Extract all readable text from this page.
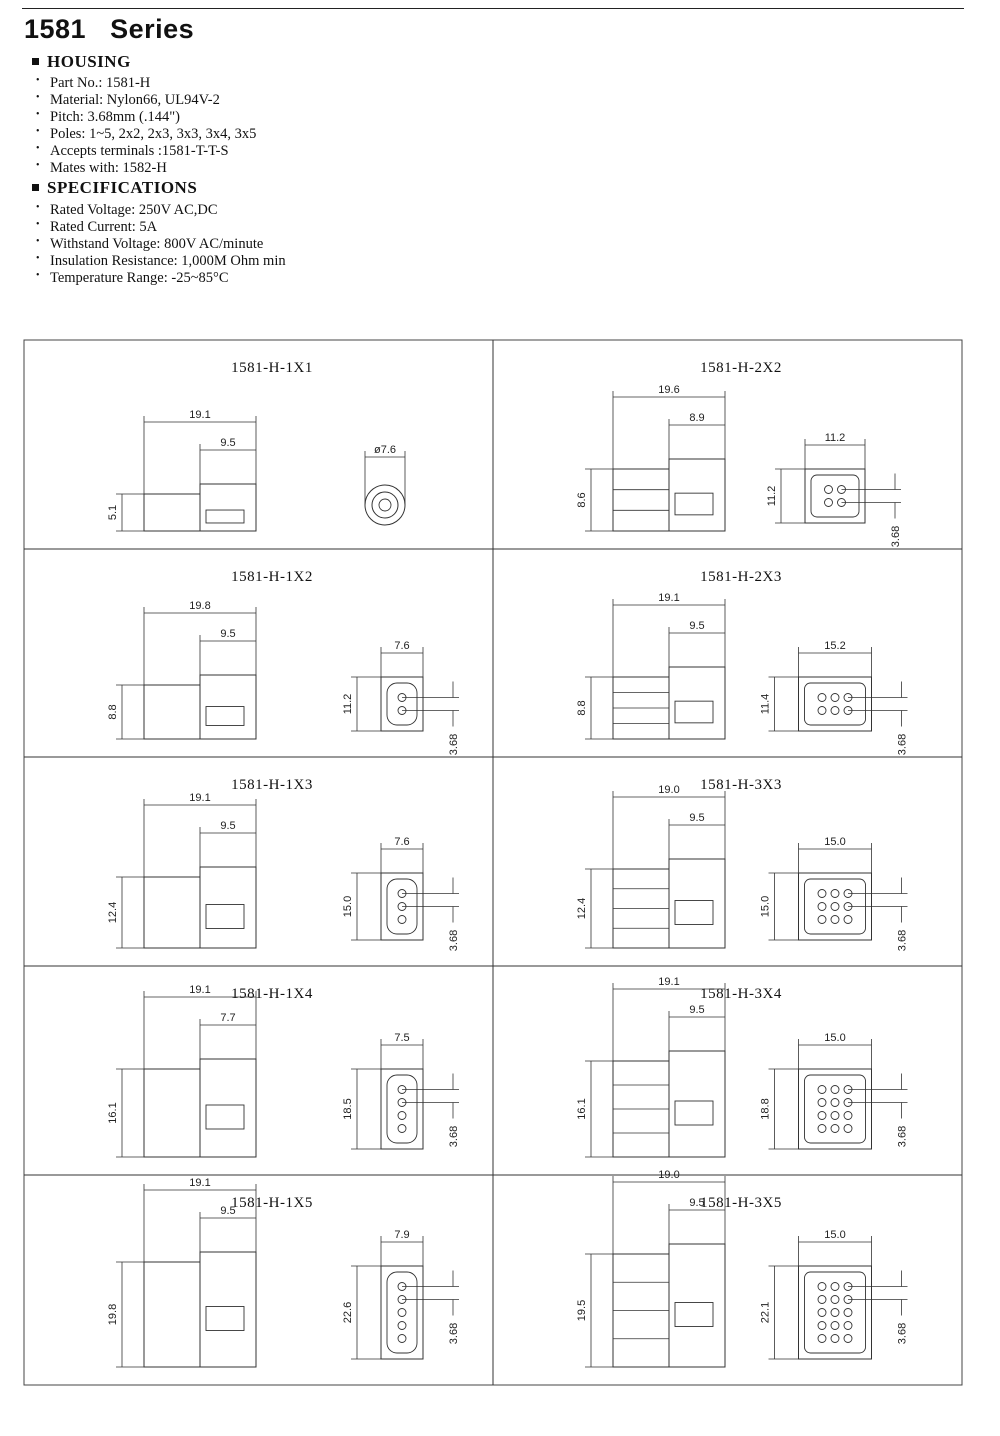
1581 Series
HOUSING
• Part No.: 1581-H
• Material: Nylon66, UL94V-2
• Pitch: 3.68mm (.144")
• Poles: 1~5, 2x2, 2x3, 3x3, 3x4, 3x5
• Accepts terminals :1581-T-T-S
• Mates with: 1582-H
SPECIFICATIONS
• Rated Voltage: 250V AC,DC
• Rated Current: 5A
• Withstand Voltage: 800V AC/minute
• Insulation Resistance: 1,000M Ohm min
• Temperature Range: -25~85°C
1581-H-1X1
19.1
9.5
5.1
ø7.6
1581-H-2X2
19.6
8.9
8.6
11.2
11.2
3.68
1581-H-1X2
19.8
9.5
8.8
7.6
11.2
3.68
1581-H-2X3
19.1
9.5
8.8
15.2
11.4
3.68
1581-H-1X3
19.1
9.5
12.4
7.6
15.0
3.68
1581-H-3X3
19.0
9.5
12.4
15.0
15.0
3.68
1581-H-1X4
19.1
7.7
16.1
7.5
18.5
3.68
1581-H-3X4
19.1
9.5
16.1
15.0
18.8
3.68
1581-H-1X5
19.1
9.5
19.8
7.9
22.6
3.68
1581-H-3X5
19.0
9.5
19.5
15.0
22.1
3.68
